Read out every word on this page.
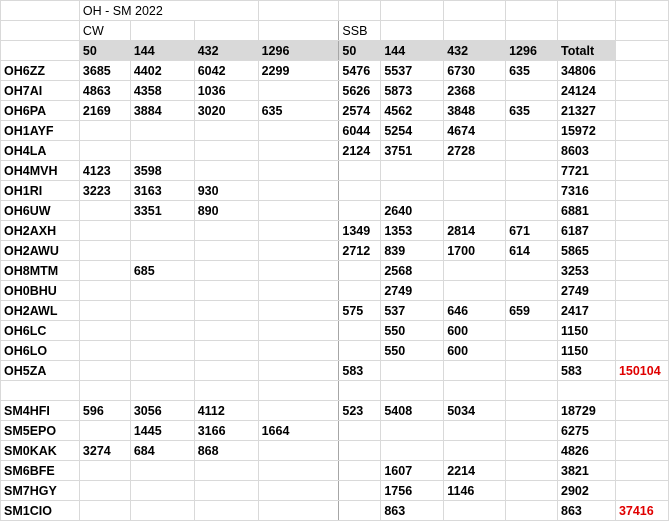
	OH - SM 2022									
	CW				SSB					
	50	144	432	1296	50	144	432	1296	Totalt	
OH6ZZ	3685	4402	6042	2299	5476	5537	6730	635	34806	
OH7AI	4863	4358	1036		5626	5873	2368		24124	
OH6PA	2169	3884	3020	635	2574	4562	3848	635	21327	
OH1AYF					6044	5254	4674		15972	
OH4LA					2124	3751	2728		8603	
OH4MVH	4123	3598							7721	
OH1RI	3223	3163	930						7316	
OH6UW		3351	890			2640			6881	
OH2AXH					1349	1353	2814	671	6187	
OH2AWU					2712	839	1700	614	5865	
OH8MTM		685				2568			3253	
OH0BHU						2749			2749	
OH2AWL					575	537	646	659	2417	
OH6LC						550	600		1150	
OH6LO						550	600		1150	
OH5ZA					583				583	150104

SM4HFI	596	3056	4112		523	5408	5034		18729	
SM5EPO		1445	3166	1664					6275	
SM0KAK	3274	684	868						4826	
SM6BFE						1607	2214		3821	
SM7HGY						1756	1146		2902	
SM1CIO						863			863	37416
